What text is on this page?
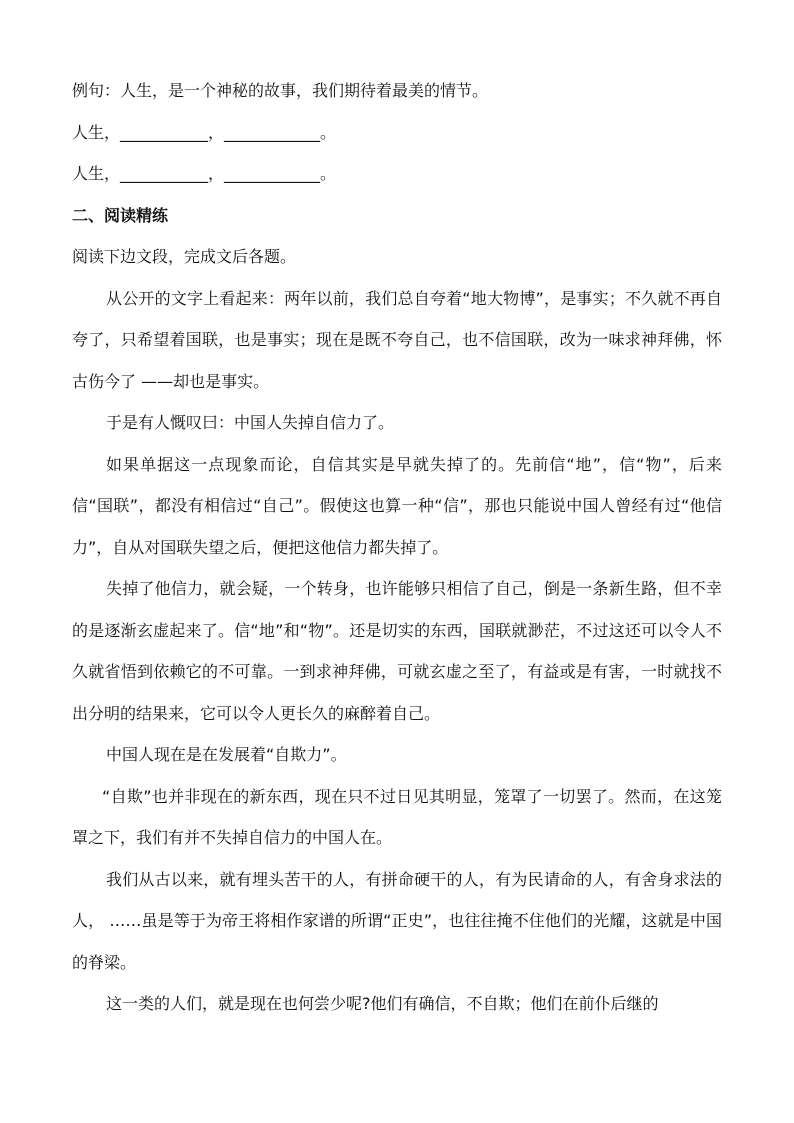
例句：人生，是一个神秘的故事，我们期待着最美的情节。
人生，___________，____________。
人生，___________，____________。
二、阅读精练
阅读下边文段，完成文后各题。

从公开的文字上看起来：两年以前，我们总自夸着“地大物博”，是事实；不久就不再自夸了，只希望着国联，也是事实；现在是既不夸自己，也不信国联，改为一味求神拜佛，怀古伤今了 ——却也是事实。

于是有人慨叹曰：中国人失掉自信力了。

如果单据这一点现象而论，自信其实是早就失掉了的。先前信“地”，信“物”，后来信“国联”，都没有相信过“自己”。假使这也算一种“信”，那也只能说中国人曾经有过“他信力”，自从对国联失望之后，便把这他信力都失掉了。

失掉了他信力，就会疑，一个转身，也许能够只相信了自己，倒是一条新生路，但不幸的是逐渐玄虚起来了。信“地”和“物”。还是切实的东西，国联就渺茫，不过这还可以令人不久就省悟到依赖它的不可靠。一到求神拜佛，可就玄虚之至了，有益或是有害，一时就找不出分明的结果来，它可以令人更长久的麻醉着自己。

中国人现在是在发展着“自欺力”。

“自欺”也并非现在的新东西，现在只不过日见其明显，笼罩了一切罢了。然而，在这笼罩之下，我们有并不失掉自信力的中国人在。

我们从古以来，就有埋头苦干的人，有拼命硬干的人，有为民请命的人，有舍身求法的人， ……虽是等于为帝王将相作家谱的所谓“正史”，也往往掩不住他们的光耀，这就是中国的脊梁。

这一类的人们，就是现在也何尝少呢?他们有确信，不自欺；他们在前仆后继的
